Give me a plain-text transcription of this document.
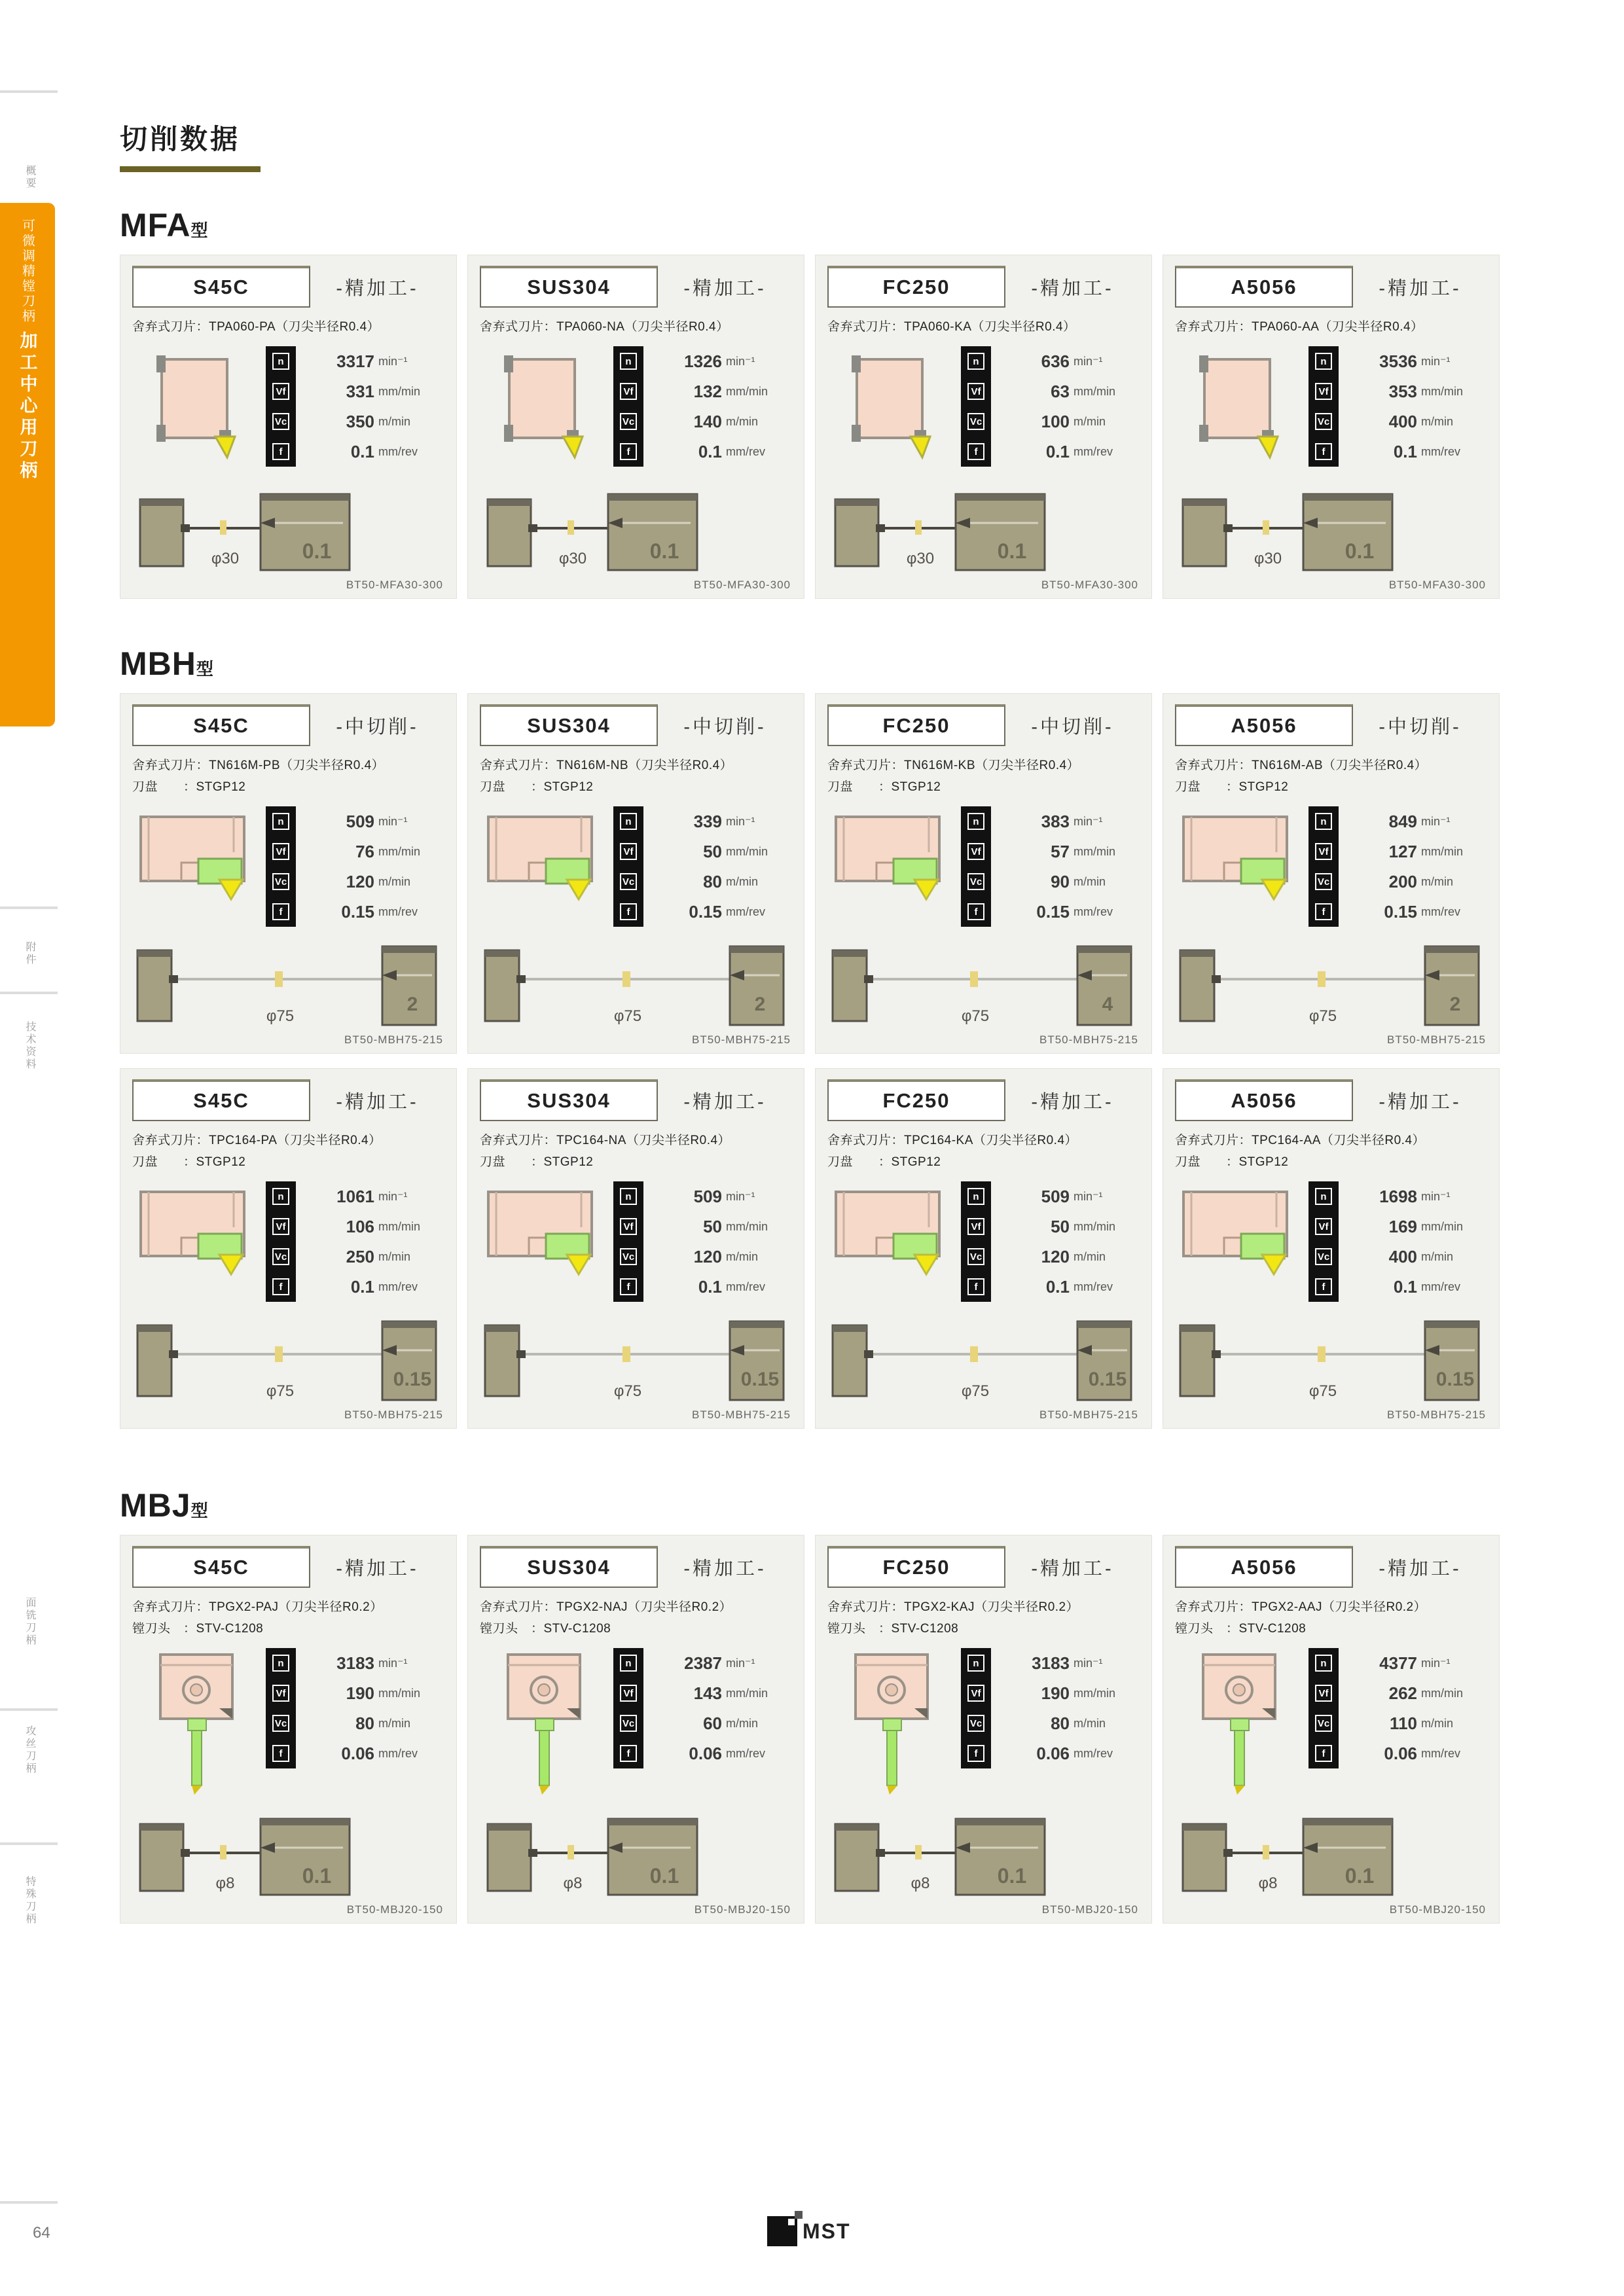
可微调精镗刀柄
加工中心用刀柄
概要
附件
技术资料
面铣刀柄
攻丝刀柄
特殊刀柄
64	MST
切削数据
MFA型
S45C	-精加工-
舍弃式刀片：TPA060-PA（刀尖半径R0.4）
n
Vf
Vc
f
3317 min⁻¹
331 mm/min
350 m/min
0.1 mm/rev
0.1
φ30
BT50-MFA30-300
SUS304	-精加工-
舍弃式刀片：TPA060-NA（刀尖半径R0.4）
n
Vf
Vc
f
1326 min⁻¹
132 mm/min
140 m/min
0.1 mm/rev
0.1
φ30
BT50-MFA30-300
FC250	-精加工-
舍弃式刀片：TPA060-KA（刀尖半径R0.4）
n
Vf
Vc
f
636 min⁻¹
63 mm/min
100 m/min
0.1 mm/rev
0.1
φ30
BT50-MFA30-300
A5056	-精加工-
舍弃式刀片：TPA060-AA（刀尖半径R0.4）
n
Vf
Vc
f
3536 min⁻¹
353 mm/min
400 m/min
0.1 mm/rev
0.1
φ30
BT50-MFA30-300
MBH型
S45C	-中切削-
舍弃式刀片：TN616M-PB（刀尖半径R0.4）
刀盘　　：STGP12
n
Vf
Vc
f
509 min⁻¹
76 mm/min
120 m/min
0.15 mm/rev
2
φ75
BT50-MBH75-215
SUS304	-中切削-
舍弃式刀片：TN616M-NB（刀尖半径R0.4）
刀盘　　：STGP12
n
Vf
Vc
f
339 min⁻¹
50 mm/min
80 m/min
0.15 mm/rev
2
φ75
BT50-MBH75-215
FC250	-中切削-
舍弃式刀片：TN616M-KB（刀尖半径R0.4）
刀盘　　：STGP12
n
Vf
Vc
f
383 min⁻¹
57 mm/min
90 m/min
0.15 mm/rev
4
φ75
BT50-MBH75-215
A5056	-中切削-
舍弃式刀片：TN616M-AB（刀尖半径R0.4）
刀盘　　：STGP12
n
Vf
Vc
f
849 min⁻¹
127 mm/min
200 m/min
0.15 mm/rev
2
φ75
BT50-MBH75-215
S45C	-精加工-
舍弃式刀片：TPC164-PA（刀尖半径R0.4）
刀盘　　：STGP12
n
Vf
Vc
f
1061 min⁻¹
106 mm/min
250 m/min
0.1 mm/rev
0.15
φ75
BT50-MBH75-215
SUS304	-精加工-
舍弃式刀片：TPC164-NA（刀尖半径R0.4）
刀盘　　：STGP12
n
Vf
Vc
f
509 min⁻¹
50 mm/min
120 m/min
0.1 mm/rev
0.15
φ75
BT50-MBH75-215
FC250	-精加工-
舍弃式刀片：TPC164-KA（刀尖半径R0.4）
刀盘　　：STGP12
n
Vf
Vc
f
509 min⁻¹
50 mm/min
120 m/min
0.1 mm/rev
0.15
φ75
BT50-MBH75-215
A5056	-精加工-
舍弃式刀片：TPC164-AA（刀尖半径R0.4）
刀盘　　：STGP12
n
Vf
Vc
f
1698 min⁻¹
169 mm/min
400 m/min
0.1 mm/rev
0.15
φ75
BT50-MBH75-215
MBJ型
S45C	-精加工-
舍弃式刀片：TPGX2-PAJ（刀尖半径R0.2）
镗刀头　：STV-C1208
n
Vf
Vc
f
3183 min⁻¹
190 mm/min
80 m/min
0.06 mm/rev
0.1
φ8
BT50-MBJ20-150
SUS304	-精加工-
舍弃式刀片：TPGX2-NAJ（刀尖半径R0.2）
镗刀头　：STV-C1208
n
Vf
Vc
f
2387 min⁻¹
143 mm/min
60 m/min
0.06 mm/rev
0.1
φ8
BT50-MBJ20-150
FC250	-精加工-
舍弃式刀片：TPGX2-KAJ（刀尖半径R0.2）
镗刀头　：STV-C1208
n
Vf
Vc
f
3183 min⁻¹
190 mm/min
80 m/min
0.06 mm/rev
0.1
φ8
BT50-MBJ20-150
A5056	-精加工-
舍弃式刀片：TPGX2-AAJ（刀尖半径R0.2）
镗刀头　：STV-C1208
n
Vf
Vc
f
4377 min⁻¹
262 mm/min
110 m/min
0.06 mm/rev
0.1
φ8
BT50-MBJ20-150
